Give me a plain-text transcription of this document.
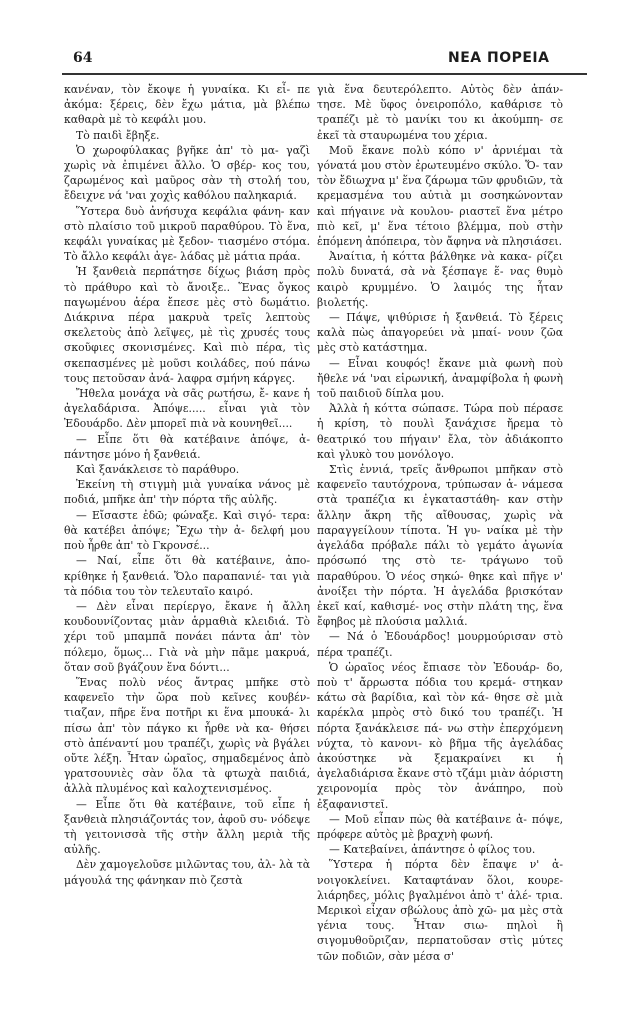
64	ΝΕΑ ΠΟΡΕΙΑ

κανέναν, τὸν ἔκοψε ἡ γυναίκα. Κι εἶ- πε ἀκόμα: ξέρεις, δὲν ἔχω μάτια, μὰ βλέπω καθαρὰ μὲ τὸ κεφάλι μου.

Τὸ παιδὶ ἔβηξε.

Ὁ χωροφύλακας βγῆκε ἀπ' τὸ μα- γαζὶ χωρὶς νὰ ἐπιμένει ἄλλο. Ὁ σβέρ- κος του, ζαρωμένος καὶ μαῦρος σὰν τὴ στολή του, ἔδειχνε νά 'ναι χοχὶς καθόλου παληκαριά.

Ὕστερα δυὸ ἀνήσυχα κεφάλια φάνη- καν στὸ πλαίσιο τοῦ μικροῦ παραθύρου. Τὸ ἕνα, κεφάλι γυναίκας μὲ ξεδον- τιασμένο στόμα. Τὸ ἄλλο κεφάλι ἀγε- λάδας μὲ μάτια πράα.

Ἡ ξανθειὰ περπάτησε δίχως βιάση πρὸς τὸ πράθυρο καὶ τὸ ἄνοιξε.. Ἕνας ὄγκος παγωμένου ἀέρα ἔπεσε μὲς στὸ δωμάτιο. Διάκρινα πέρα μακρυὰ τρεῖς λεπτοὺς σκελετοὺς ἀπὸ λεῖψες, μὲ τὶς χρυσές τους σκοῦφιες σκονισμένες. Καὶ πιὸ πέρα, τὶς σκεπασμένες μὲ μοῦσι κοιλάδες, πού πάνω τους πετοῦσαν ἀνά- λαφρα σμήνη κάργες.

Ἤθελα μονάχα νὰ σᾶς ρωτήσω, ἔ- κανε ἡ ἀγελαδάρισα. Ἀπόψε..... εἶναι γιὰ τὸν Ἐδουάρδο. Δὲν μπορεῖ πιὰ νὰ κουνηθεῖ....

— Εἶπε ὅτι θὰ κατέβαινε ἀπόψε, ἀ- πάντησε μόνο ἡ ξανθειά.

Καὶ ξανάκλεισε τὸ παράθυρο.

Ἐκείνη τὴ στιγμὴ μιὰ γυναίκα νάνος μὲ ποδιά, μπῆκε ἀπ' τὴν πόρτα τῆς αὐλῆς.

— Εἴσαστε ἐδῶ; φώναξε. Καὶ σιγό- τερα: θὰ κατέβει ἀπόψε; Ἔχω τὴν ἀ- δελφή μου ποὺ ἦρθε ἀπ' τὸ Γκρονσέ...

— Ναί, εἶπε ὅτι θὰ κατέβαινε, ἀπο- κρίθηκε ἡ ξανθειά. Ὅλο παραπανιέ- ται γιὰ τὰ πόδια του τὸν τελευταῖο καιρό.

— Δὲν εἶναι περίεργο, ἔκανε ἡ ἄλλη κουδουνίζοντας μιὰν ἁρμαθιὰ κλειδιά. Τὸ χέρι τοῦ μπαμπᾶ πονάει πάντα ἀπ' τὸν πόλεμο, ὅμως... Γιὰ νὰ μὴν πᾶμε μακρυά, ὅταν σοῦ βγάζουν ἕνα δόντι...

Ἕνας πολὺ νέος ἄντρας μπῆκε στὸ καφενεῖο τὴν ὥρα ποὺ κεῖνες κουβέν- τιαζαν, πῆρε ἕνα ποτῆρι κι ἕνα μπουκά- λι πίσω ἀπ' τὸν πάγκο κι ἦρθε νὰ κα- θήσει στὸ ἀπέναντί μου τραπέζι, χωρὶς νὰ βγάλει οὔτε λέξη. Ἦταν ὡραῖος, σημαδεμένος ἀπὸ γρατσουνιὲς σὰν ὅλα τὰ φτωχὰ παιδιά, ἀλλὰ πλυμένος καὶ καλοχτενισμένος.

— Εἶπε ὅτι θὰ κατέβαινε, τοῦ εἶπε ἡ ξανθειὰ πλησιάζοντάς τον, ἀφοῦ συ- νόδεψε τὴ γειτονισσὰ τῆς στὴν ἄλλη μεριὰ τῆς αὐλῆς.

Δὲν χαμογελοῦσε μιλῶντας του, ἀλ- λὰ τὰ μάγουλά της φάνηκαν πιὸ ζεστὰ

γιὰ ἕνα δευτερόλεπτο. Αὐτὸς δὲν ἀπάν- τησε. Μὲ ὕφος ὀνειροπόλο, καθάρισε τὸ τραπέζι μὲ τὸ μανίκι του κι ἀκούμπη- σε ἐκεῖ τὰ σταυρωμένα του χέρια.

Μοῦ ἔκανε πολὺ κόπο ν' ἀρνιέμαι τὰ γόνατά μου στὸν ἐρωτευμένο σκύλο. Ὅ- ταν τὸν ἔδιωχνα μ' ἕνα ζάρωμα τῶν φρυδιῶν, τὰ κρεμασμένα του αὐτιὰ μι σοσηκώνονταν καὶ πήγαινε νὰ κουλου- ριαστεῖ ἕνα μέτρο πιὸ κεῖ, μ' ἕνα τέτοιο βλέμμα, ποὺ στὴν ἑπόμενη ἀπόπειρα, τὸν ἄφηνα νὰ πλησιάσει.

Ἀναίτια, ἡ κόττα βάλθηκε νὰ κακα- ρίζει πολὺ δυνατά, σὰ νὰ ξέσπαγε ἕ- νας θυμὸ καιρὸ κρυμμένο. Ὁ λαιμός της ἦταν βιολετής.

— Πάψε, ψιθύρισε ἡ ξανθειά. Τὸ ξέρεις καλὰ πὼς ἀπαγορεύει νὰ μπαί- νουν ζῶα μὲς στὸ κατάστημα.

— Εἶναι κουφός! ἔκανε μιὰ φωνὴ ποὺ ἤθελε νά 'ναι εἰρωνική, ἀναμφίβολα ἡ φωνὴ τοῦ παιδιοῦ δίπλα μου.

Ἀλλὰ ἡ κόττα σώπασε. Τώρα ποὺ πέρασε ἡ κρίση, τὸ πουλὶ ξανάχισε ἤρεμα τὸ θεατρικό του πήγαιν' ἔλα, τὸν ἀδιάκοπτο καὶ γλυκὸ του μονόλογο.

Στὶς ἐννιά, τρεῖς ἄνθρωποι μπῆκαν στὸ καφενεῖο ταυτόχρονα, τρύπωσαν ἀ- νάμεσα στὰ τραπέζια κι ἐγκαταστάθη- καν στὴν ἄλλην ἄκρη τῆς αἴθουσας, χωρὶς νὰ παραγγείλουν τίποτα. Ἡ γυ- ναίκα μὲ τὴν ἀγελάδα πρόβαλε πάλι τὸ γεμάτο ἀγωνία πρόσωπό της στὸ τε- τράγωνο τοῦ παραθύρου. Ὁ νέος σηκώ- θηκε καὶ πῆγε ν' ἀνοίξει τὴν πόρτα. Ἡ ἀγελάδα βρισκόταν ἐκεῖ καί, καθισμέ- νος στὴν πλάτη της, ἕνα ἔφηβος μὲ πλούσια μαλλιά.

— Νά ὁ Ἐδουάρδος! μουρμούρισαν στὸ πέρα τραπέζι.

Ὁ ὡραῖος νέος ἔπιασε τὸν Ἐδουάρ- δο, ποὺ τ' ἄρρωστα πόδια του κρεμά- στηκαν κάτω σὰ βαρίδια, καὶ τὸν κά- θησε σὲ μιὰ καρέκλα μπρὸς στὸ δικό του τραπέζι. Ἡ πόρτα ξανάκλεισε πά- νω στὴν ἐπερχόμενη νύχτα, τὸ κανονι- κὸ βῆμα τῆς ἀγελάδας ἀκούστηκε νὰ ξεμακραίνει κι ἡ ἀγελαδιάρισα ἔκανε στὸ τζάμι μιὰν ἀόριστη χειρονομία πρὸς τὸν ἀνάπηρο, ποὺ ἐξαφανιστεῖ.

— Μοῦ εἶπαν πὼς θὰ κατέβαινε ἀ- πόψε, πρόφερε αὐτὸς μὲ βραχνὴ φωνή.

— Κατεβαίνει, ἀπάντησε ὁ φίλος του.

Ὕστερα ἡ πόρτα δὲν ἔπαψε ν' ἀ- νοιγοκλείνει. Καταφτάναν ὅλοι, κουρε- λιάρηδες, μόλις βγαλμένοι ἀπὸ τ' ἀλέ- τρια. Μερικοὶ εἶχαν σβώλους ἀπὸ χῶ- μα μὲς στὰ γένια τους. Ἦταν σιω- πηλοὶ ἢ σιγομυθοῦριζαν, περπατοῦσαν στὶς μύτες τῶν ποδιῶν, σὰν μέσα σ'
